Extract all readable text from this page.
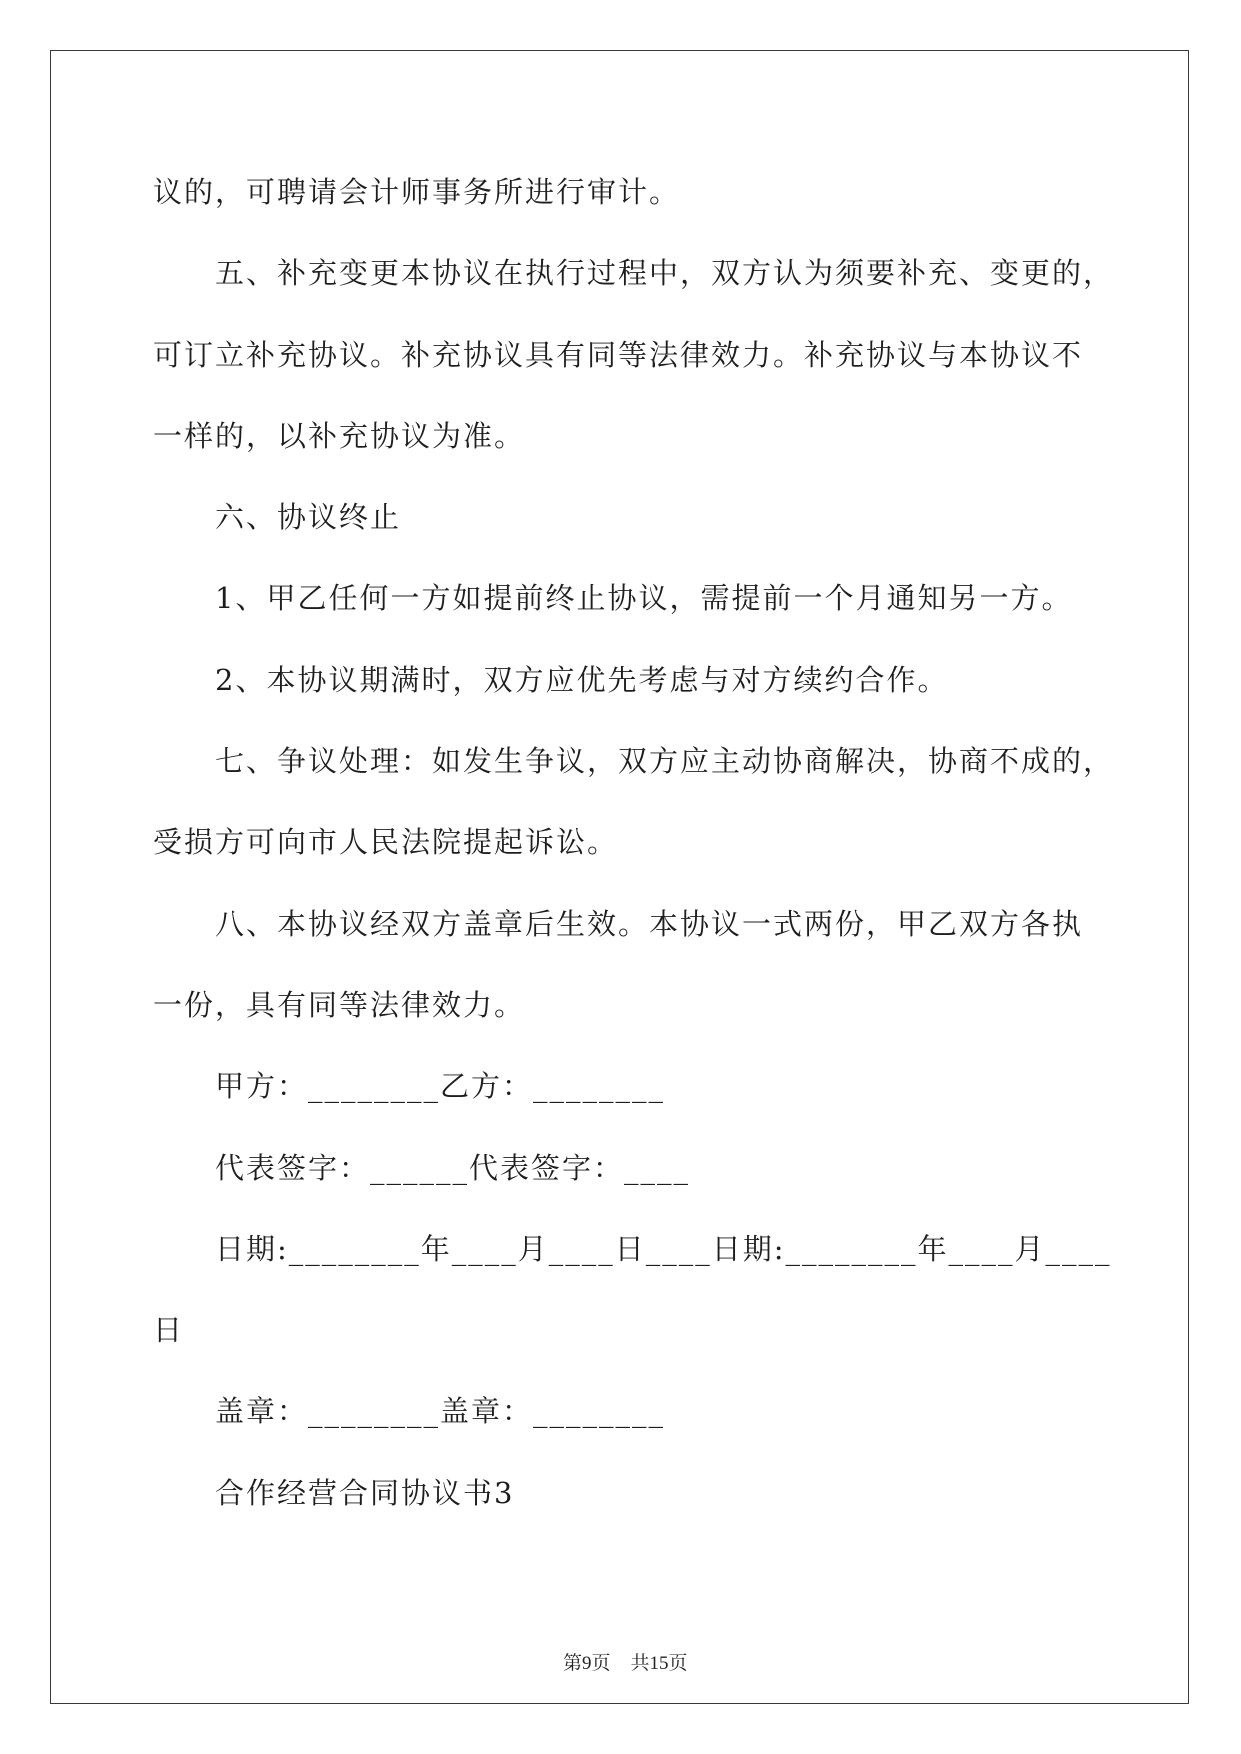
议的，可聘请会计师事务所进行审计。
五、补充变更本协议在执行过程中，双方认为须要补充、变更的，
可订立补充协议。补充协议具有同等法律效力。补充协议与本协议不
一样的，以补充协议为准。
六、协议终止
1、甲乙任何一方如提前终止协议，需提前一个月通知另一方。
2、本协议期满时，双方应优先考虑与对方续约合作。
七、争议处理：如发生争议，双方应主动协商解决，协商不成的，
受损方可向市人民法院提起诉讼。
八、本协议经双方盖章后生效。本协议一式两份，甲乙双方各执
一份，具有同等法律效力。
甲方：________乙方：________
代表签字：______代表签字：____
日期:________年____月____日____日期:________年____月____
日
盖章：________盖章：________
合作经营合同协议书3

第9页 共15页
